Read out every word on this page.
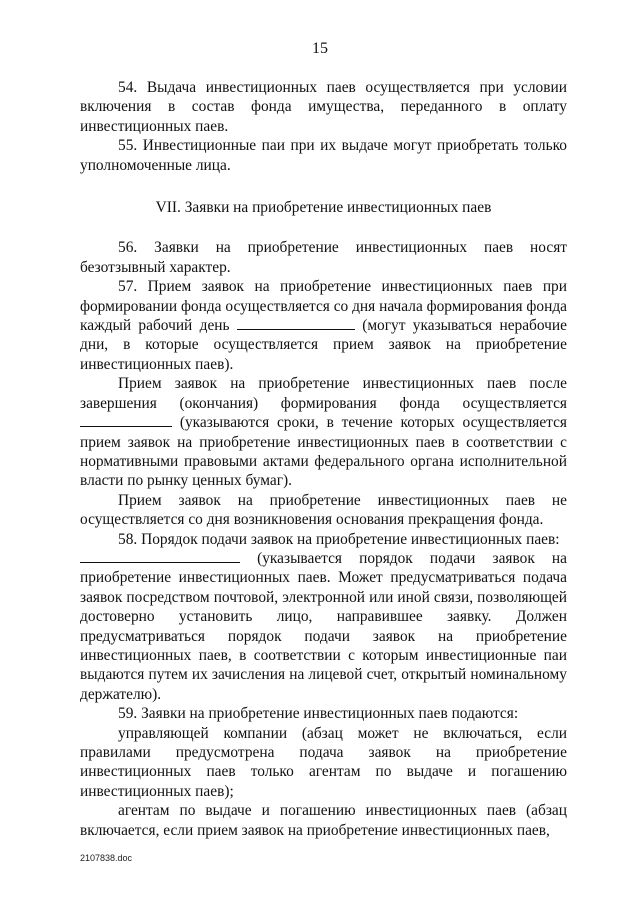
15

54. Выдача инвестиционных паев осуществляется при условии включения в состав фонда имущества, переданного в оплату инвестиционных паев.

55. Инвестиционные паи при их выдаче могут приобретать только уполномоченные лица.

VII. Заявки на приобретение инвестиционных паев

56. Заявки на приобретение инвестиционных паев носят безотзывный характер.

57. Прием заявок на приобретение инвестиционных паев при формировании фонда осуществляется со дня начала формирования фонда каждый рабочий день	(могут указываться нерабочие дни, в которые осуществляется прием заявок на приобретение инвестиционных паев).

Прием заявок на приобретение инвестиционных паев после завершения (окончания) формирования фонда осуществляется  (указываются сроки, в течение которых осуществляется прием заявок на приобретение инвестиционных паев в соответствии с нормативными правовыми актами федерального органа исполнительной власти по рынку ценных бумаг).

Прием заявок на приобретение инвестиционных паев не осуществляется со дня возникновения основания прекращения фонда.

58. Порядок подачи заявок на приобретение инвестиционных паев:

(указывается порядок подачи заявок на приобретение инвестиционных паев. Может предусматриваться подача заявок посредством почтовой, электронной или иной связи, позволяющей достоверно установить лицо, направившее заявку. Должен предусматриваться порядок подачи заявок на приобретение инвестиционных паев, в соответствии с которым инвестиционные паи выдаются путем их зачисления на лицевой счет, открытый номинальному держателю).

59. Заявки на приобретение инвестиционных паев подаются:

управляющей компании (абзац может не включаться, если правилами предусмотрена подача заявок на приобретение инвестиционных паев только агентам по выдаче и погашению инвестиционных паев);

агентам по выдаче и погашению инвестиционных паев (абзац включается, если прием заявок на приобретение инвестиционных паев,

2107838.doc
